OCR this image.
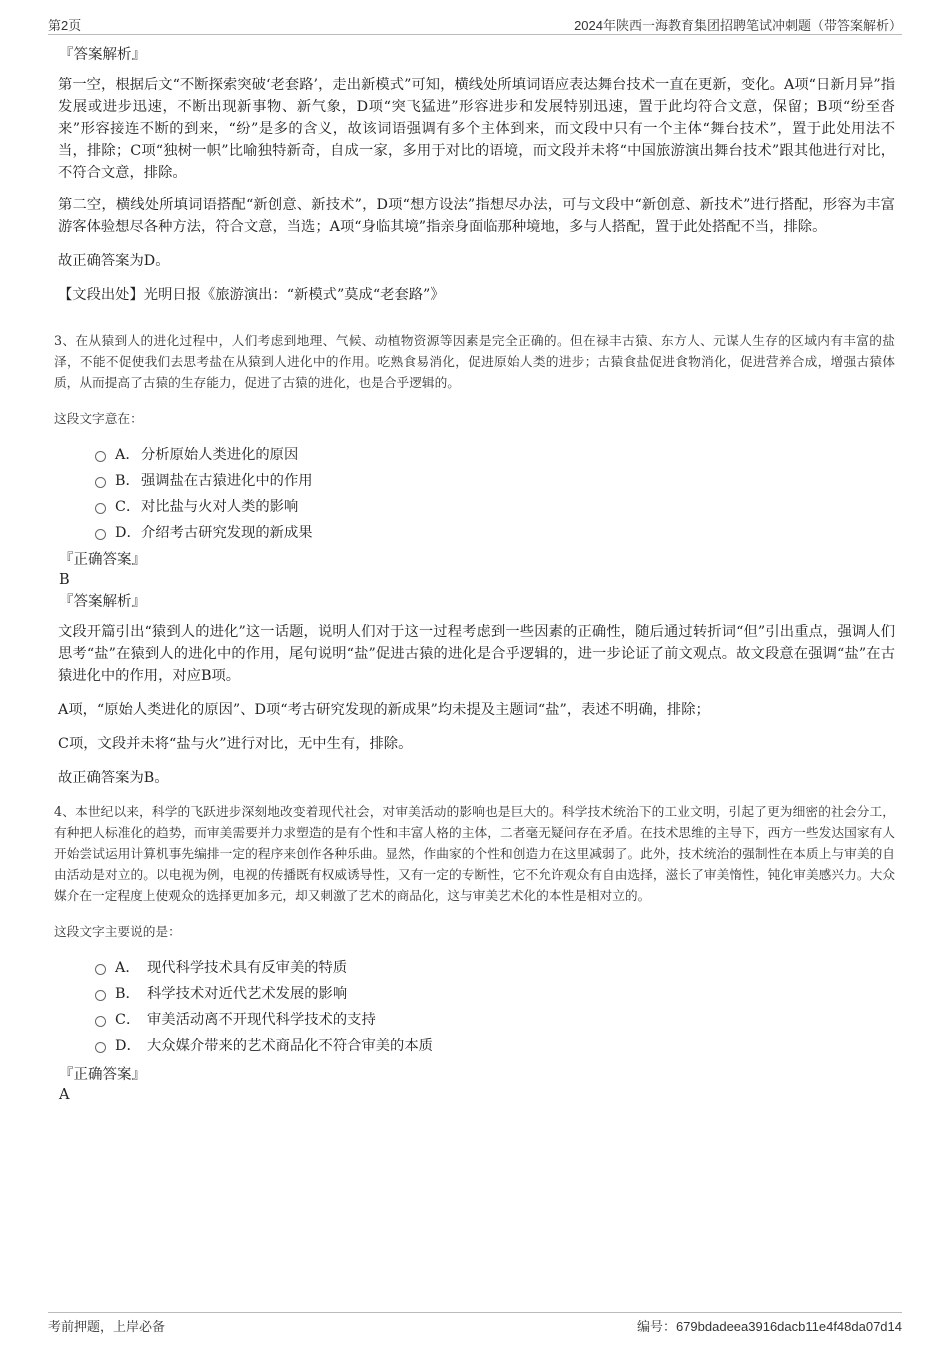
第2页	2024年陕西一海教育集团招聘笔试冲刺题（带答案解析）
『答案解析』

第一空，根据后文“不断探索突破‘老套路’，走出新模式”可知，横线处所填词语应表达舞台技术一直在更新，变化。A项“日新月异”指发展或进步迅速，不断出现新事物、新气象，D项“突飞猛进”形容进步和发展特别迅速，置于此均符合文意，保留；B项“纷至沓来”形容接连不断的到来，“纷”是多的含义，故该词语强调有多个主体到来，而文段中只有一个主体“舞台技术”，置于此处用法不当，排除；C项“独树一帜”比喻独特新奇，自成一家，多用于对比的语境，而文段并未将“中国旅游演出舞台技术”跟其他进行对比，不符合文意，排除。

第二空，横线处所填词语搭配“新创意、新技术”，D项“想方设法”指想尽办法，可与文段中“新创意、新技术”进行搭配，形容为丰富游客体验想尽各种方法，符合文意，当选；A项“身临其境”指亲身面临那种境地，多与人搭配，置于此处搭配不当，排除。

故正确答案为D。

【文段出处】光明日报《旅游演出：“新模式”莫成“老套路”》

3、在从猿到人的进化过程中，人们考虑到地理、气候、动植物资源等因素是完全正确的。但在禄丰古猿、东方人、元谋人生存的区域内有丰富的盐泽，不能不促使我们去思考盐在从猿到人进化中的作用。吃熟食易消化，促进原始人类的进步；古猿食盐促进食物消化，促进营养合成，增强古猿体质，从而提高了古猿的生存能力，促进了古猿的进化，也是合乎逻辑的。

这段文字意在：

A． 分析原始人类进化的原因
B． 强调盐在古猿进化中的作用
C． 对比盐与火对人类的影响
D． 介绍考古研究发现的新成果
『正确答案』
B
『答案解析』

文段开篇引出“猿到人的进化”这一话题，说明人们对于这一过程考虑到一些因素的正确性，随后通过转折词“但”引出重点，强调人们思考“盐”在猿到人的进化中的作用，尾句说明“盐”促进古猿的进化是合乎逻辑的，进一步论证了前文观点。故文段意在强调“盐”在古猿进化中的作用，对应B项。

A项，“原始人类进化的原因”、D项“考古研究发现的新成果”均未提及主题词“盐”，表述不明确，排除；

C项，文段并未将“盐与火”进行对比，无中生有，排除。

故正确答案为B。

4、本世纪以来，科学的飞跃进步深刻地改变着现代社会，对审美活动的影响也是巨大的。科学技术统治下的工业文明，引起了更为细密的社会分工，有种把人标准化的趋势，而审美需要并力求塑造的是有个性和丰富人格的主体，二者毫无疑问存在矛盾。在技术思维的主导下，西方一些发达国家有人开始尝试运用计算机事先编排一定的程序来创作各种乐曲。显然，作曲家的个性和创造力在这里减弱了。此外，技术统治的强制性在本质上与审美的自由活动是对立的。以电视为例，电视的传播既有权威诱导性，又有一定的专断性，它不允许观众有自由选择，滋长了审美惰性，钝化审美感兴力。大众媒介在一定程度上使观众的选择更加多元，却又刺激了艺术的商品化，这与审美艺术化的本性是相对立的。

这段文字主要说的是：

A． 现代科学技术具有反审美的特质
B． 科学技术对近代艺术发展的影响
C． 审美活动离不开现代科学技术的支持
D． 大众媒介带来的艺术商品化不符合审美的本质
『正确答案』
A
考前押题，上岸必备	编号：679bdadeea3916dacb11e4f48da07d14
